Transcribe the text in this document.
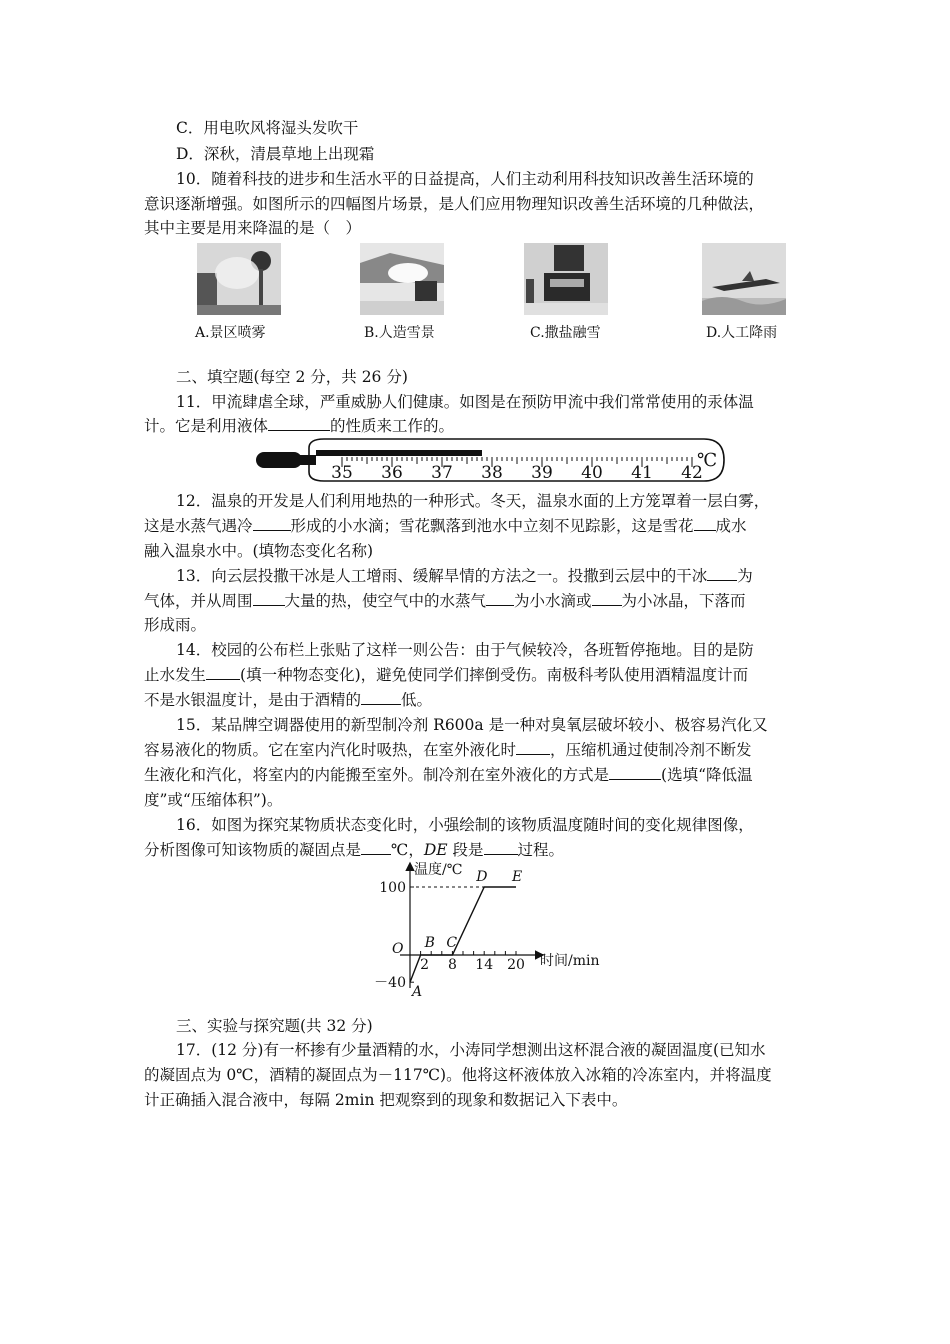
C．用电吹风将湿头发吹干
D．深秋，清晨草地上出现霜
10．随着科技的进步和生活水平的日益提高，人们主动利用科技知识改善生活环境的
意识逐渐增强。如图所示的四幅图片场景，是人们应用物理知识改善生活环境的几种做法，
其中主要是用来降温的是（　）
A.景区喷雾	B.人造雪景	C.撒盐融雪	D.人工降雨
二、填空题(每空 2 分，共 26 分)
11．甲流肆虐全球，严重威胁人们健康。如图是在预防甲流中我们常常使用的汞体温
计。它是利用液体	的性质来工作的。
35 36 37 38 39 40 41 42
℃
12．温泉的开发是人们利用地热的一种形式。冬天，温泉水面的上方笼罩着一层白雾，
这是水蒸气遇冷 形成的小水滴；雪花飘落到池水中立刻不见踪影，这是雪花 成水
融入温泉水中。(填物态变化名称)
13．向云层投撒干冰是人工增雨、缓解旱情的方法之一。投撒到云层中的干冰 为
气体，并从周围 大量的热，使空气中的水蒸气 为小水滴或 为小冰晶，下落而
形成雨。
14．校园的公布栏上张贴了这样一则公告：由于气候较冷，各班暂停拖地。目的是防
止水发生 (填一种物态变化)，避免使同学们摔倒受伤。南极科考队使用酒精温度计而
不是水银温度计，是由于酒精的	低。
15．某品牌空调器使用的新型制冷剂 R600a 是一种对臭氧层破坏较小、极容易汽化又
容易液化的物质。它在室内汽化时吸热，在室外液化时 ，压缩机通过使制冷剂不断发
生液化和汽化，将室内的内能搬至室外。制冷剂在室外液化的方式是	(选填“降低温
度”或“压缩体积”)。
16．如图为探究某物质状态变化时，小强绘制的该物质温度随时间的变化规律图像，
分析图像可知该物质的凝固点是 ℃，DE 段是 过程。
温度/℃
时间/min
O
2 8 14 20
100
－40
A
B C
D E
三、实验与探究题(共 32 分)
17．(12 分)有一杯掺有少量酒精的水，小涛同学想测出这杯混合液的凝固温度(已知水
的凝固点为 0℃，酒精的凝固点为－117℃)。他将这杯液体放入冰箱的冷冻室内，并将温度
计正确插入混合液中，每隔 2min 把观察到的现象和数据记入下表中。
